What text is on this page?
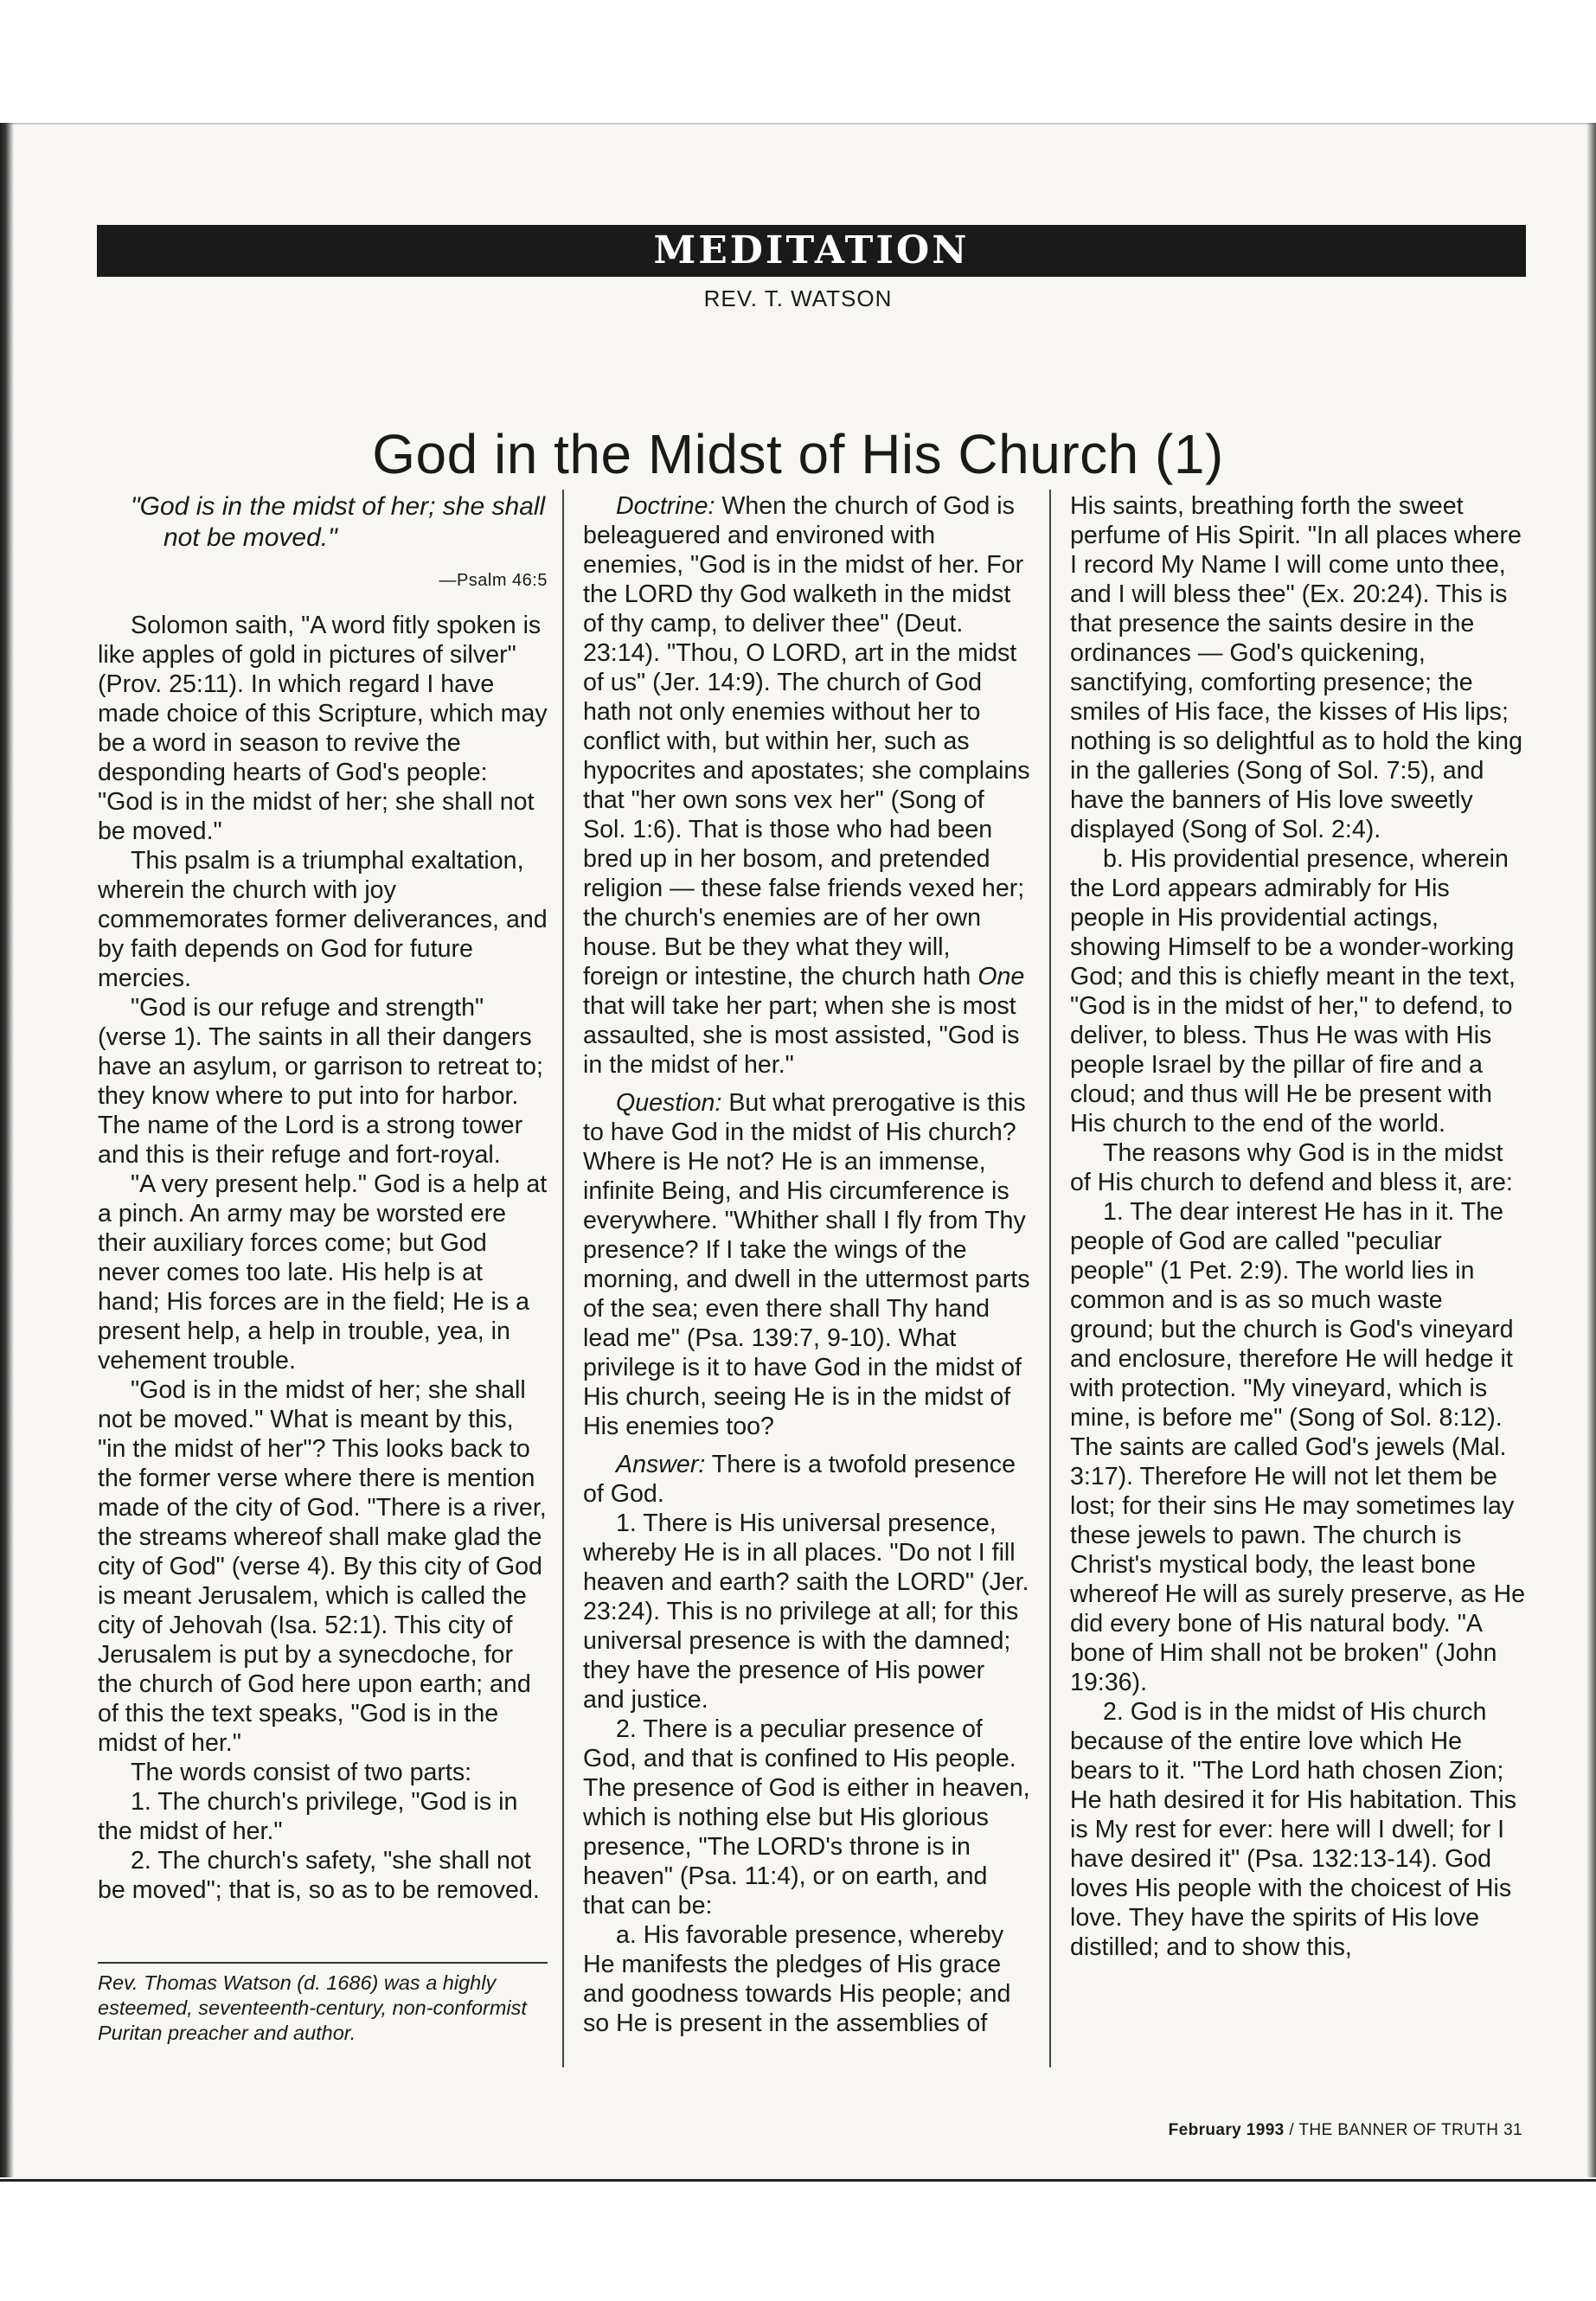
MEDITATION
REV. T. WATSON
God in the Midst of His Church (1)

"God is in the midst of her; she shall
not be moved."

—Psalm 46:5

Solomon saith, "A word fitly spoken is like apples of gold in pictures of silver" (Prov. 25:11). In which regard I have made choice of this Scripture, which may be a word in season to revive the desponding hearts of God's people: "God is in the midst of her; she shall not be moved."

This psalm is a triumphal exaltation, wherein the church with joy commemorates former deliverances, and by faith depends on God for future mercies.

"God is our refuge and strength" (verse 1). The saints in all their dangers have an asylum, or garrison to retreat to; they know where to put into for harbor. The name of the Lord is a strong tower and this is their refuge and fort-royal.

"A very present help." God is a help at a pinch. An army may be worsted ere their auxiliary forces come; but God never comes too late. His help is at hand; His forces are in the field; He is a present help, a help in trouble, yea, in vehement trouble.

"God is in the midst of her; she shall not be moved." What is meant by this, "in the midst of her"? This looks back to the former verse where there is mention made of the city of God. "There is a river, the streams whereof shall make glad the city of God" (verse 4). By this city of God is meant Jerusalem, which is called the city of Jehovah (Isa. 52:1). This city of Jerusalem is put by a synecdoche, for the church of God here upon earth; and of this the text speaks, "God is in the midst of her."

The words consist of two parts:

1. The church's privilege, "God is in the midst of her."

2. The church's safety, "she shall not be moved"; that is, so as to be removed.

Rev. Thomas Watson (d. 1686) was a highly esteemed, seventeenth-century, non-conformist Puritan preacher and author.

Doctrine: When the church of God is beleaguered and environed with enemies, "God is in the midst of her. For the LORD thy God walketh in the midst of thy camp, to deliver thee" (Deut. 23:14). "Thou, O LORD, art in the midst of us" (Jer. 14:9). The church of God hath not only enemies without her to conflict with, but within her, such as hypocrites and apostates; she complains that "her own sons vex her" (Song of Sol. 1:6). That is those who had been bred up in her bosom, and pretended religion — these false friends vexed her; the church's enemies are of her own house. But be they what they will, foreign or intestine, the church hath One that will take her part; when she is most assaulted, she is most assisted, "God is in the midst of her."

Question: But what prerogative is this to have God in the midst of His church? Where is He not? He is an immense, infinite Being, and His circumference is everywhere. "Whither shall I fly from Thy presence? If I take the wings of the morning, and dwell in the uttermost parts of the sea; even there shall Thy hand lead me" (Psa. 139:7, 9-10). What privilege is it to have God in the midst of His church, seeing He is in the midst of His enemies too?

Answer: There is a twofold presence of God.

1. There is His universal presence, whereby He is in all places. "Do not I fill heaven and earth? saith the LORD" (Jer. 23:24). This is no privilege at all; for this universal presence is with the damned; they have the presence of His power and justice.

2. There is a peculiar presence of God, and that is confined to His people. The presence of God is either in heaven, which is nothing else but His glorious presence, "The LORD's throne is in heaven" (Psa. 11:4), or on earth, and that can be:

a. His favorable presence, whereby He manifests the pledges of His grace and goodness towards His people; and so He is present in the assemblies of

His saints, breathing forth the sweet perfume of His Spirit. "In all places where I record My Name I will come unto thee, and I will bless thee" (Ex. 20:24). This is that presence the saints desire in the ordinances — God's quickening, sanctifying, comforting presence; the smiles of His face, the kisses of His lips; nothing is so delightful as to hold the king in the galleries (Song of Sol. 7:5), and have the banners of His love sweetly displayed (Song of Sol. 2:4).

b. His providential presence, wherein the Lord appears admirably for His people in His providential actings, showing Himself to be a wonder-working God; and this is chiefly meant in the text, "God is in the midst of her," to defend, to deliver, to bless. Thus He was with His people Israel by the pillar of fire and a cloud; and thus will He be present with His church to the end of the world.

The reasons why God is in the midst of His church to defend and bless it, are:

1. The dear interest He has in it. The people of God are called "peculiar people" (1 Pet. 2:9). The world lies in common and is as so much waste ground; but the church is God's vineyard and enclosure, therefore He will hedge it with protection. "My vineyard, which is mine, is before me" (Song of Sol. 8:12). The saints are called God's jewels (Mal. 3:17). Therefore He will not let them be lost; for their sins He may sometimes lay these jewels to pawn. The church is Christ's mystical body, the least bone whereof He will as surely preserve, as He did every bone of His natural body. "A bone of Him shall not be broken" (John 19:36).

2. God is in the midst of His church because of the entire love which He bears to it. "The Lord hath chosen Zion; He hath desired it for His habitation. This is My rest for ever: here will I dwell; for I have desired it" (Psa. 132:13-14). God loves His people with the choicest of His love. They have the spirits of His love distilled; and to show this,

February 1993 / THE BANNER OF TRUTH 31
